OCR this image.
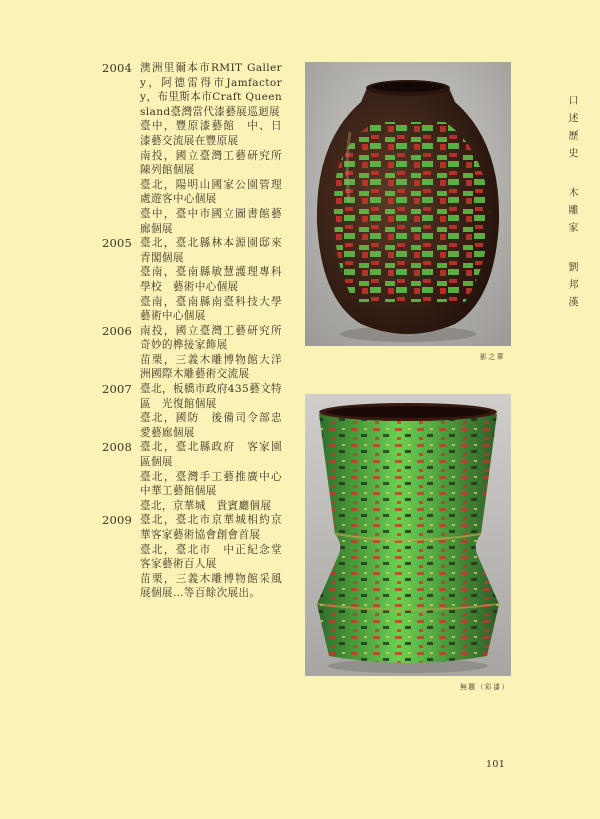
2004 澳洲里爾本市RMIT Gallery，阿德雷得市Jamfactory，布里斯本市Craft Queensland臺灣當代漆藝展巡迴展
臺中，豐原漆藝館　中、日漆藝交流展在豐原展
南投，國立臺灣工藝研究所　陳列館個展
臺北，陽明山國家公園管理處遊客中心個展
臺中，臺中市國立圖書館藝廊個展
2005 臺北，臺北縣林本源園邸來青閣個展
臺南，臺南縣敏慧護理專科學校　藝術中心個展
臺南，臺南縣南臺科技大學藝術中心個展
2006 南投，國立臺灣工藝研究所奇妙的榫接家飾展
苗栗，三義木雕博物館大洋洲國際木雕藝術交流展
2007 臺北，板橋市政府435藝文特區　光復館個展
臺北，國防　後備司令部忠愛藝廊個展
2008 臺北，臺北縣政府　客家園區個展
臺北，臺灣手工藝推廣中心　中華工藝館個展
臺北，京華城　貴賓廳個展
2009 臺北，臺北市京華城相約京華客家藝術協會創會首展
臺北，臺北市　中正紀念堂客家藝術百人展
苗栗，三義木雕博物館采風展個展…等百餘次展出。
影之華
無題（彩漆）
口述歷史木雕家劉邦漢
101
